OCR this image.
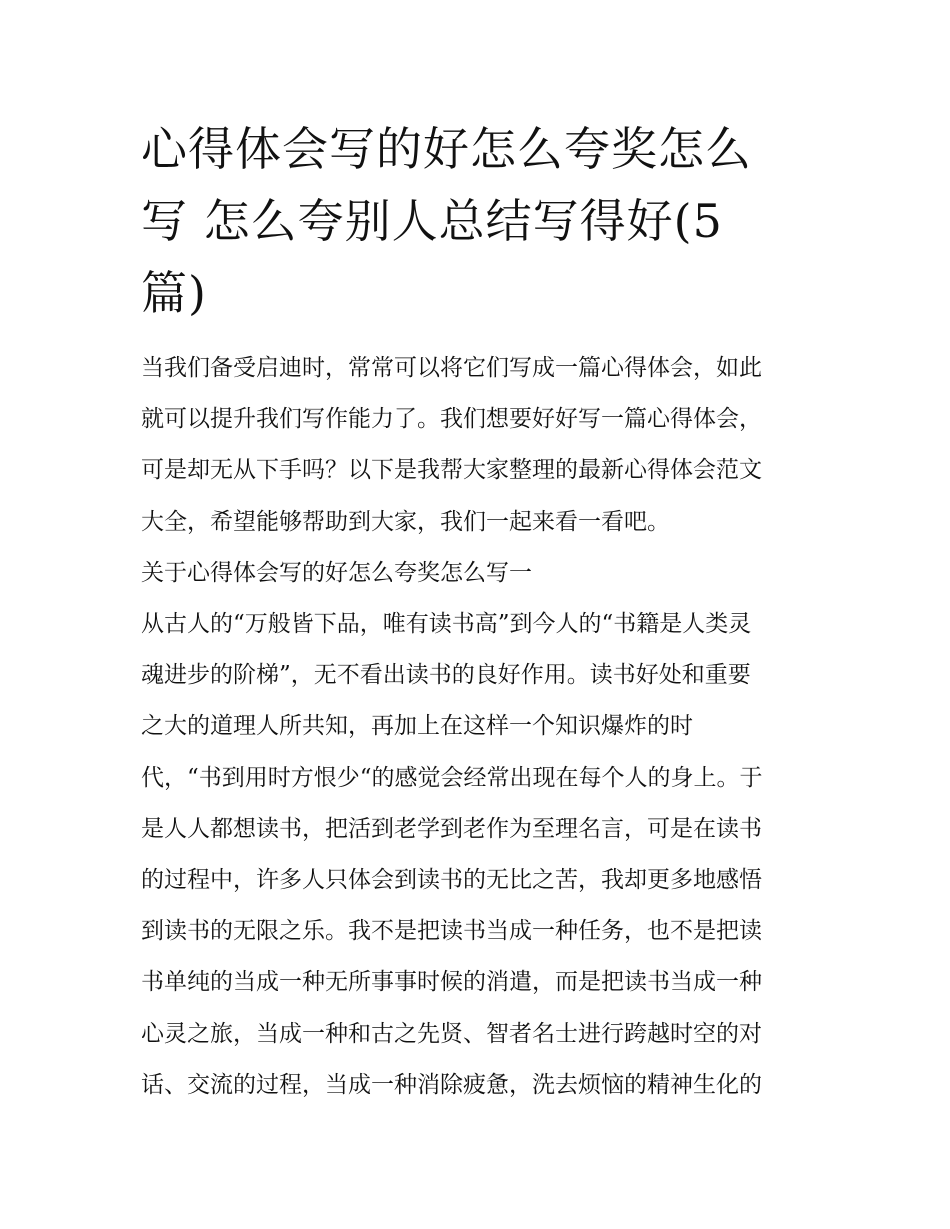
心得体会写的好怎么夸奖怎么
写 怎么夸别人总结写得好(5
篇)

当我们备受启迪时，常常可以将它们写成一篇心得体会，如此
就可以提升我们写作能力了。我们想要好好写一篇心得体会，
可是却无从下手吗？以下是我帮大家整理的最新心得体会范文
大全，希望能够帮助到大家，我们一起来看一看吧。

关于心得体会写的好怎么夸奖怎么写一

从古人的“万般皆下品，唯有读书高”到今人的“书籍是人类灵
魂进步的阶梯”，无不看出读书的良好作用。读书好处和重要
之大的道理人所共知，再加上在这样一个知识爆炸的时
代，“书到用时方恨少“的感觉会经常出现在每个人的身上。于
是人人都想读书，把活到老学到老作为至理名言，可是在读书
的过程中，许多人只体会到读书的无比之苦，我却更多地感悟
到读书的无限之乐。我不是把读书当成一种任务，也不是把读
书单纯的当成一种无所事事时候的消遣，而是把读书当成一种
心灵之旅，当成一种和古之先贤、智者名士进行跨越时空的对
话、交流的过程，当成一种消除疲惫，洗去烦恼的精神生化的
